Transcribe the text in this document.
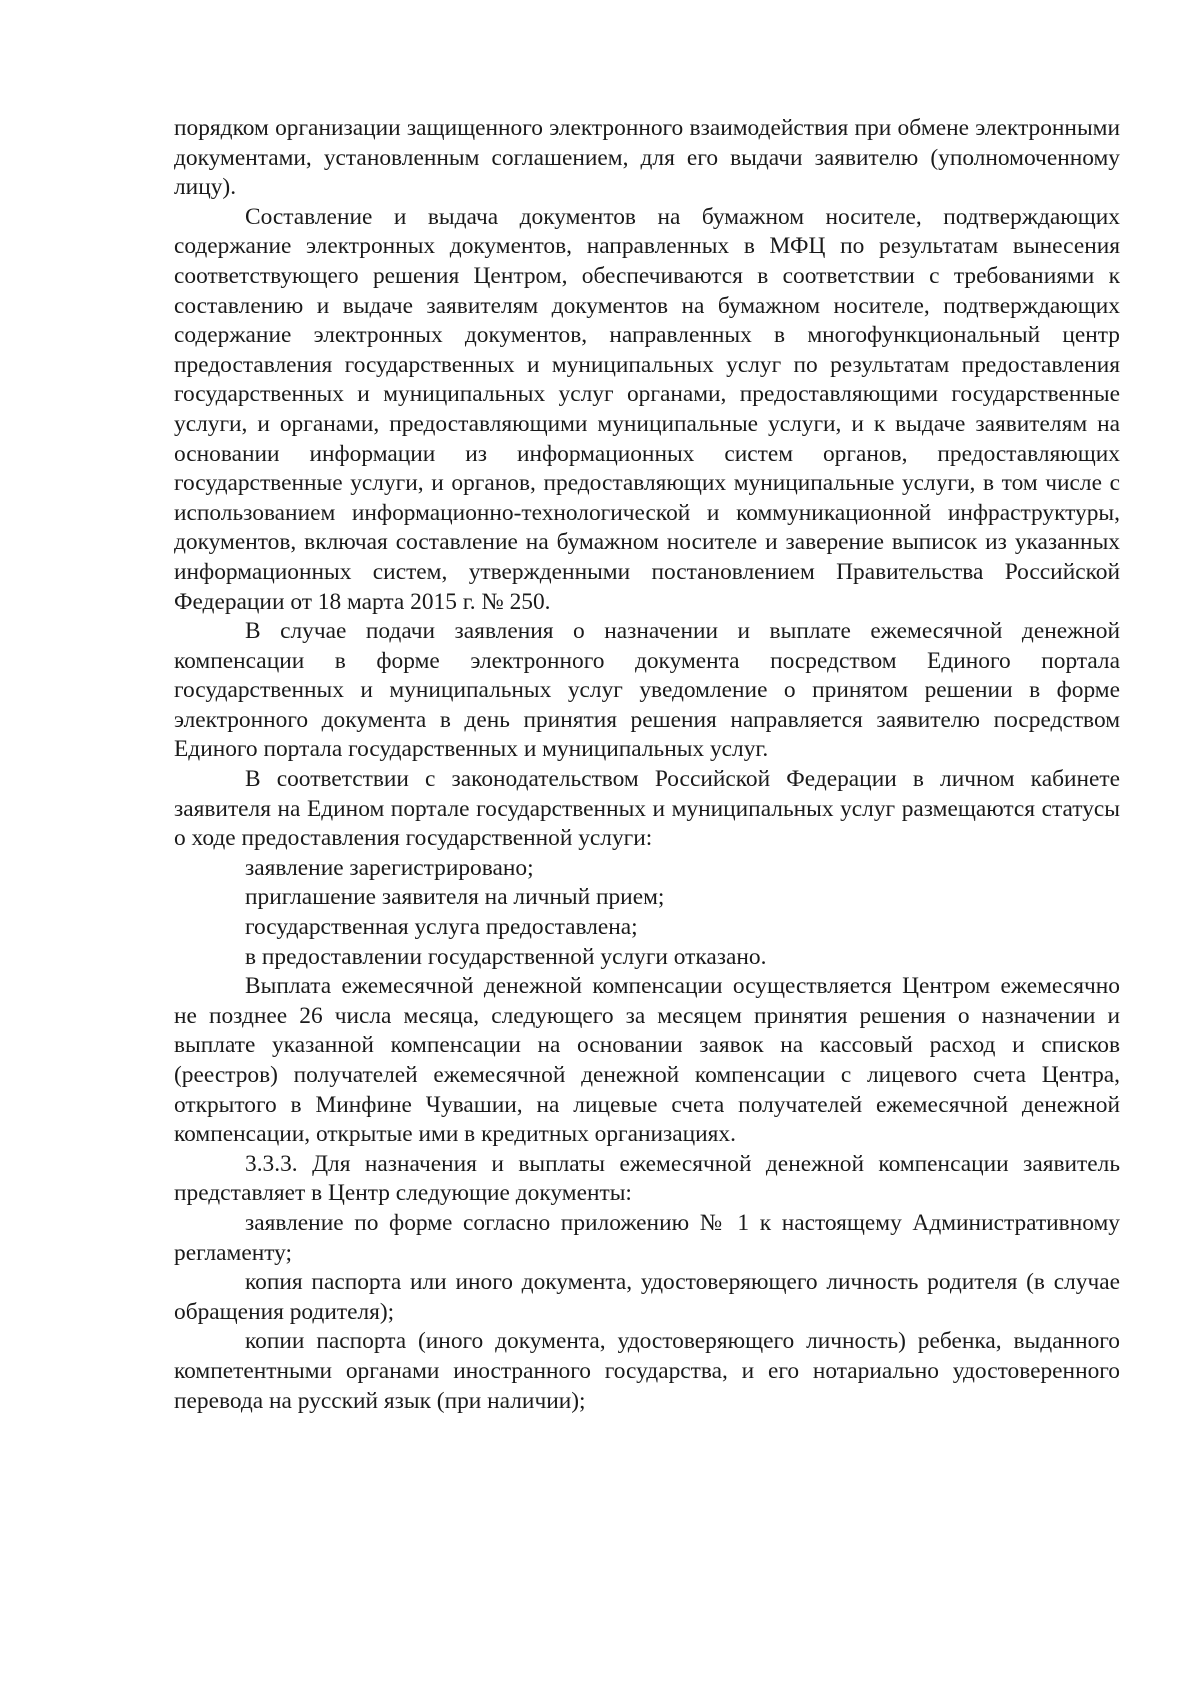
порядком организации защищенного электронного взаимодействия при обмене электронными документами, установленным соглашением, для его выдачи заявителю (уполномоченному лицу).

Составление и выдача документов на бумажном носителе, подтверждающих содержание электронных документов, направленных в МФЦ по результатам вынесения соответствующего решения Центром, обеспечиваются в соответствии с требованиями к составлению и выдаче заявителям документов на бумажном носителе, подтверждающих содержание электронных документов, направленных в многофункциональный центр предоставления государственных и муниципальных услуг по результатам предоставления государственных и муниципальных услуг органами, предоставляющими государственные услуги, и органами, предоставляющими муниципальные услуги, и к выдаче заявителям на основании информации из информационных систем органов, предоставляющих государственные услуги, и органов, предоставляющих муниципальные услуги, в том числе с использованием информационно-технологической и коммуникационной инфраструктуры, документов, включая составление на бумажном носителе и заверение выписок из указанных информационных систем, утвержденными постановлением Правительства Российской Федерации от 18 марта 2015 г. № 250.

В случае подачи заявления о назначении и выплате ежемесячной денежной компенсации в форме электронного документа посредством Единого портала государственных и муниципальных услуг уведомление о принятом решении в форме электронного документа в день принятия решения направляется заявителю посредством Единого портала государственных и муниципальных услуг.

В соответствии с законодательством Российской Федерации в личном кабинете заявителя на Едином портале государственных и муниципальных услуг размещаются статусы о ходе предоставления государственной услуги:

заявление зарегистрировано;

приглашение заявителя на личный прием;

государственная услуга предоставлена;

в предоставлении государственной услуги отказано.

Выплата ежемесячной денежной компенсации осуществляется Центром ежемесячно не позднее 26 числа месяца, следующего за месяцем принятия решения о назначении и выплате указанной компенсации на основании заявок на кассовый расход и списков (реестров) получателей ежемесячной денежной компенсации с лицевого счета Центра, открытого в Минфине Чувашии, на лицевые счета получателей ежемесячной денежной компенсации, открытые ими в кредитных организациях.

3.3.3. Для назначения и выплаты ежемесячной денежной компенсации заявитель представляет в Центр следующие документы:

заявление по форме согласно приложению № 1 к настоящему Административному регламенту;

копия паспорта или иного документа, удостоверяющего личность родителя (в случае обращения родителя);

копии паспорта (иного документа, удостоверяющего личность) ребенка, выданного компетентными органами иностранного государства, и его нотариально удостоверенного перевода на русский язык (при наличии);
